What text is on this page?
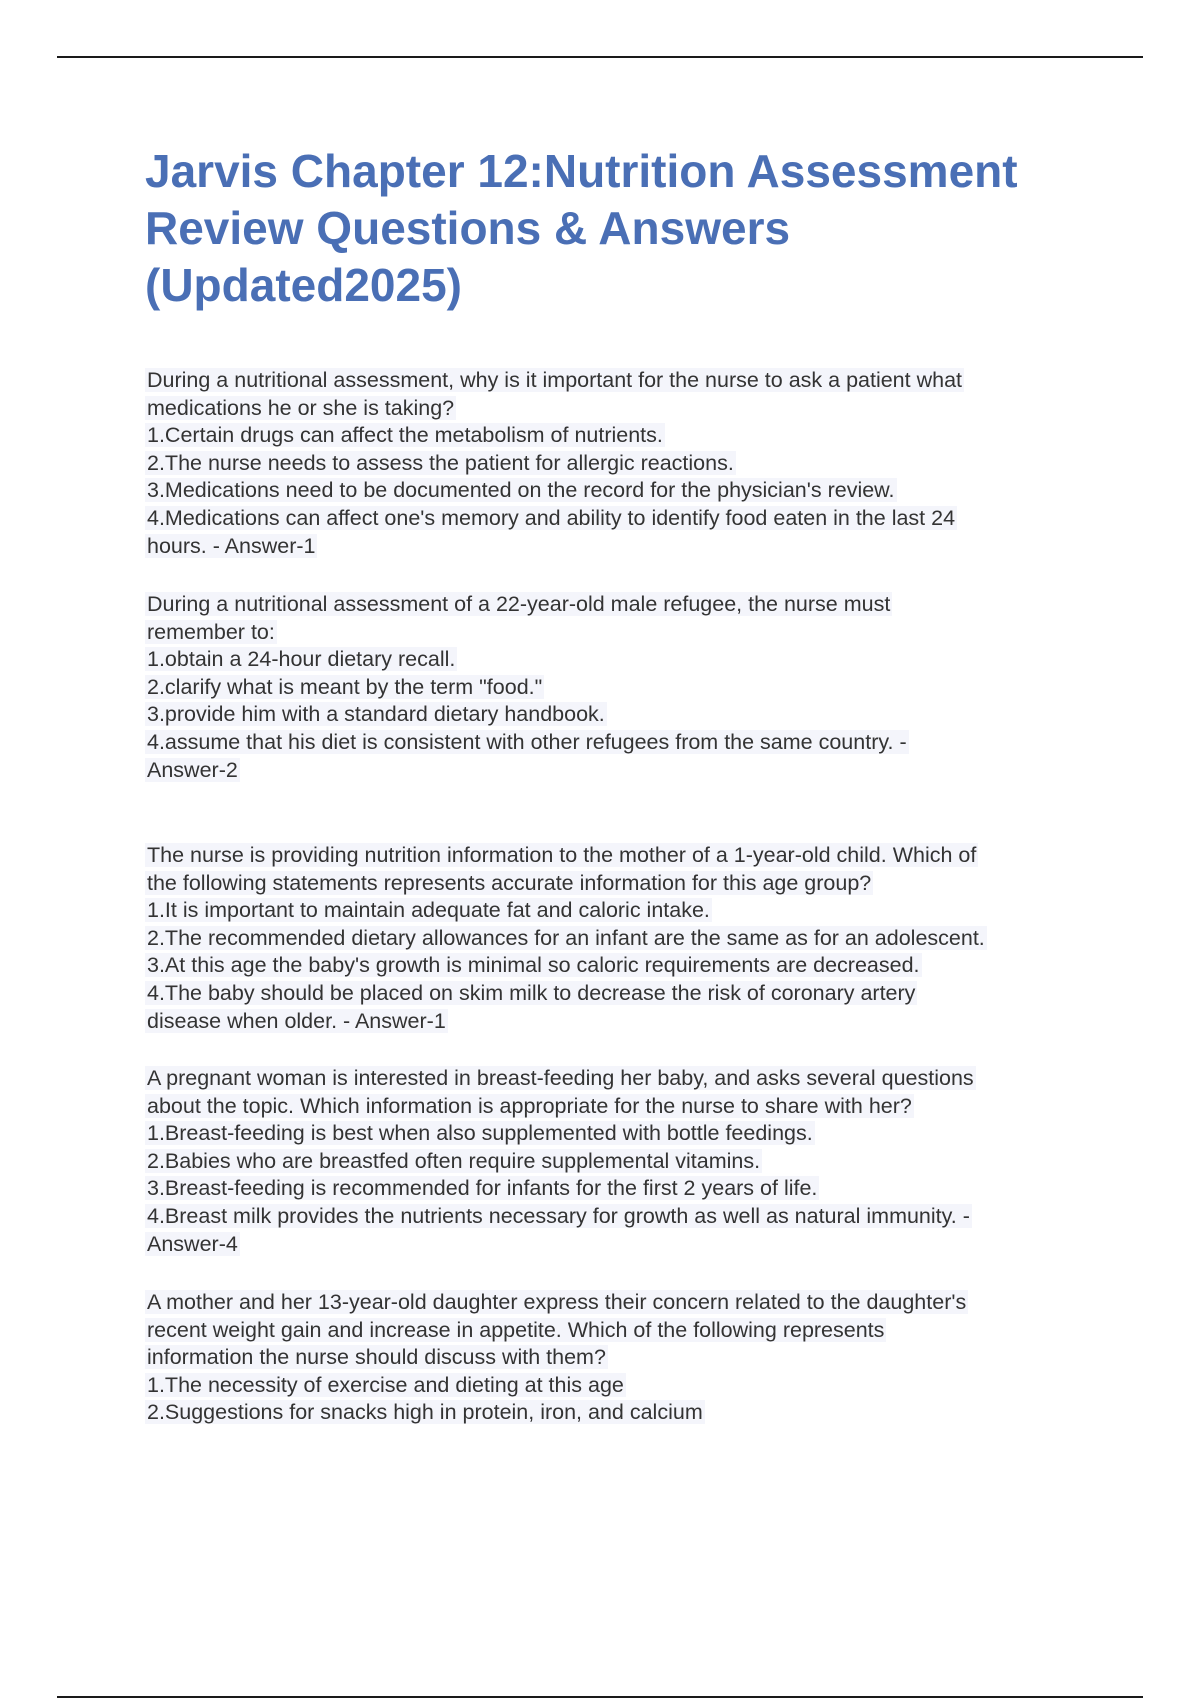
Jarvis Chapter 12:Nutrition Assessment
Review Questions & Answers
(Updated2025)
During a nutritional assessment, why is it important for the nurse to ask a patient what
medications he or she is taking?
1.Certain drugs can affect the metabolism of nutrients.
2.The nurse needs to assess the patient for allergic reactions.
3.Medications need to be documented on the record for the physician's review.
4.Medications can affect one's memory and ability to identify food eaten in the last 24
hours. - Answer-1
During a nutritional assessment of a 22-year-old male refugee, the nurse must
remember to:
1.obtain a 24-hour dietary recall.
2.clarify what is meant by the term "food."
3.provide him with a standard dietary handbook.
4.assume that his diet is consistent with other refugees from the same country. -
Answer-2
The nurse is providing nutrition information to the mother of a 1-year-old child. Which of
the following statements represents accurate information for this age group?
1.It is important to maintain adequate fat and caloric intake.
2.The recommended dietary allowances for an infant are the same as for an adolescent.
3.At this age the baby's growth is minimal so caloric requirements are decreased.
4.The baby should be placed on skim milk to decrease the risk of coronary artery
disease when older. - Answer-1
A pregnant woman is interested in breast-feeding her baby, and asks several questions
about the topic. Which information is appropriate for the nurse to share with her?
1.Breast-feeding is best when also supplemented with bottle feedings.
2.Babies who are breastfed often require supplemental vitamins.
3.Breast-feeding is recommended for infants for the first 2 years of life.
4.Breast milk provides the nutrients necessary for growth as well as natural immunity. -
Answer-4
A mother and her 13-year-old daughter express their concern related to the daughter's
recent weight gain and increase in appetite. Which of the following represents
information the nurse should discuss with them?
1.The necessity of exercise and dieting at this age
2.Suggestions for snacks high in protein, iron, and calcium
